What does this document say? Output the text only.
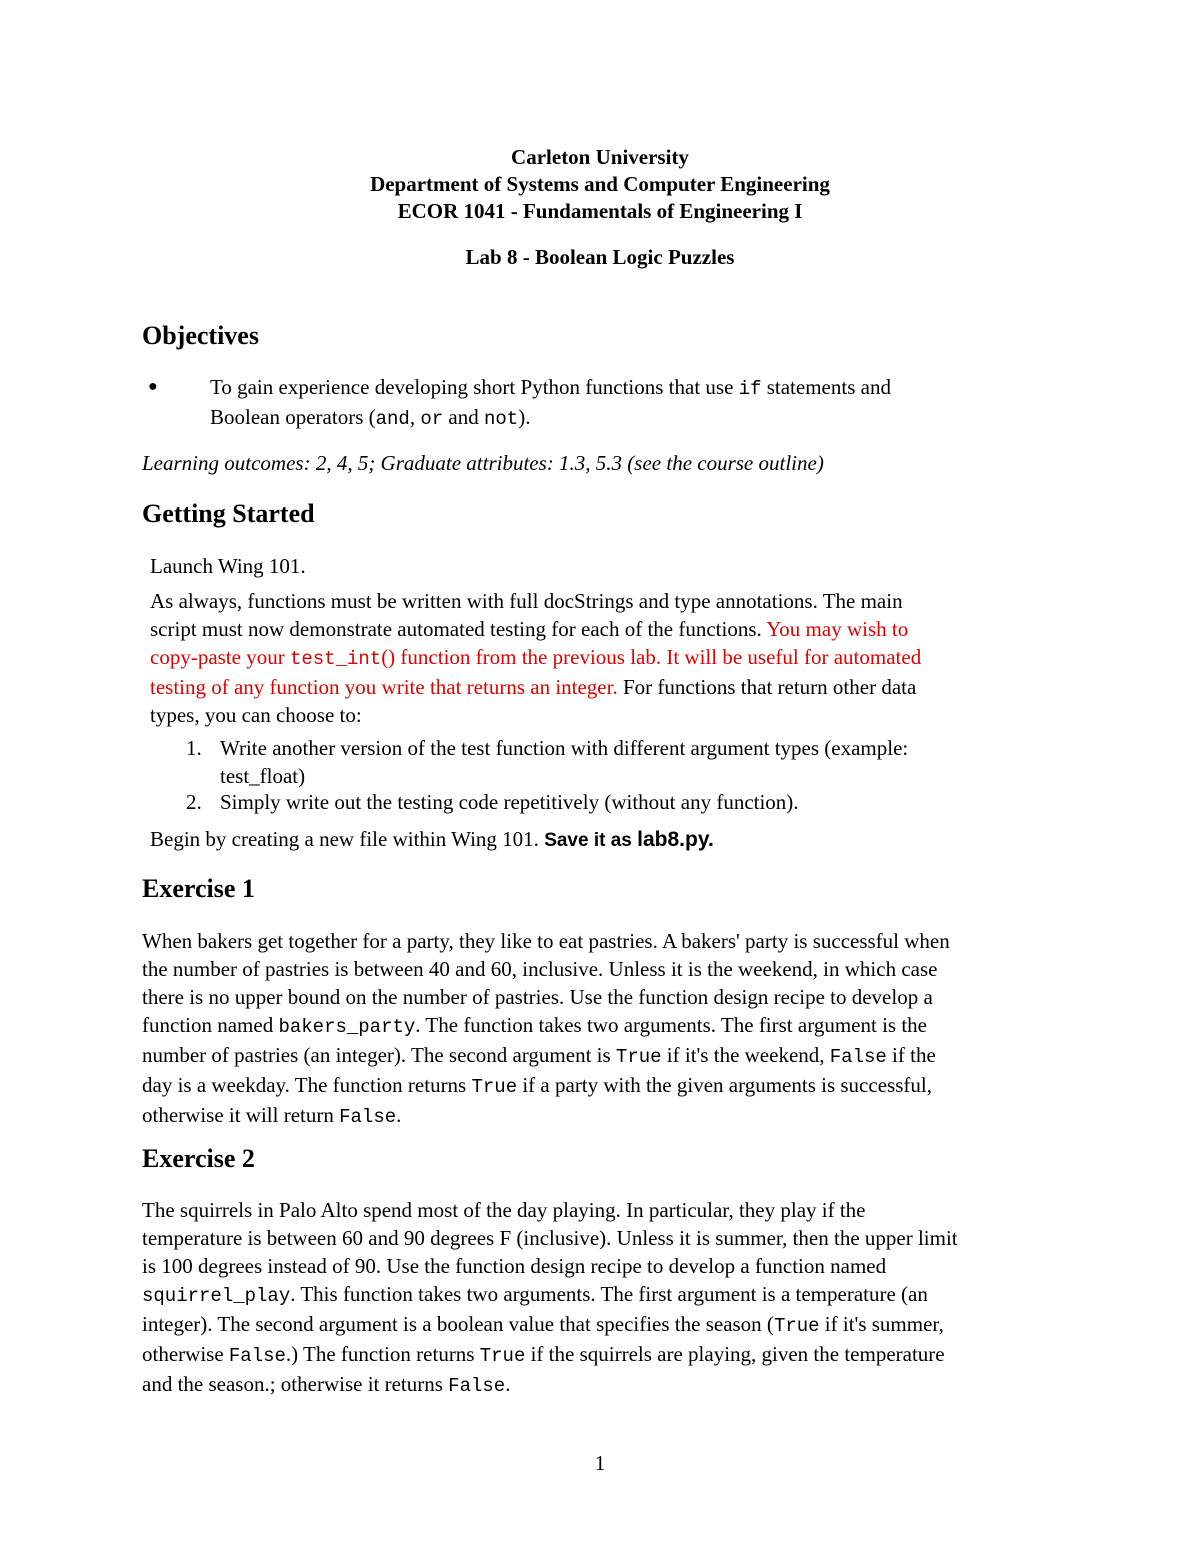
Carleton University
Department of Systems and Computer Engineering
ECOR 1041 - Fundamentals of Engineering I
Lab 8 - Boolean Logic Puzzles
Objectives
● To gain experience developing short Python functions that use if statements and
Boolean operators (and, or and not).
Learning outcomes: 2, 4, 5; Graduate attributes: 1.3, 5.3 (see the course outline)
Getting Started
Launch Wing 101.
As always, functions must be written with full docStrings and type annotations. The main
script must now demonstrate automated testing for each of the functions. You may wish to
copy-paste your test_int() function from the previous lab. It will be useful for automated
testing of any function you write that returns an integer. For functions that return other data
types, you can choose to:
1. Write another version of the test function with different argument types (example:
test_float)
2. Simply write out the testing code repetitively (without any function).
Begin by creating a new file within Wing 101. Save it as lab8.py.
Exercise 1
When bakers get together for a party, they like to eat pastries. A bakers' party is successful when
the number of pastries is between 40 and 60, inclusive. Unless it is the weekend, in which case
there is no upper bound on the number of pastries. Use the function design recipe to develop a
function named bakers_party. The function takes two arguments. The first argument is the
number of pastries (an integer). The second argument is True if it's the weekend, False if the
day is a weekday. The function returns True if a party with the given arguments is successful,
otherwise it will return False.
Exercise 2
The squirrels in Palo Alto spend most of the day playing. In particular, they play if the
temperature is between 60 and 90 degrees F (inclusive). Unless it is summer, then the upper limit
is 100 degrees instead of 90. Use the function design recipe to develop a function named
squirrel_play. This function takes two arguments. The first argument is a temperature (an
integer). The second argument is a boolean value that specifies the season (True if it's summer,
otherwise False.) The function returns True if the squirrels are playing, given the temperature
and the season.; otherwise it returns False.
1
